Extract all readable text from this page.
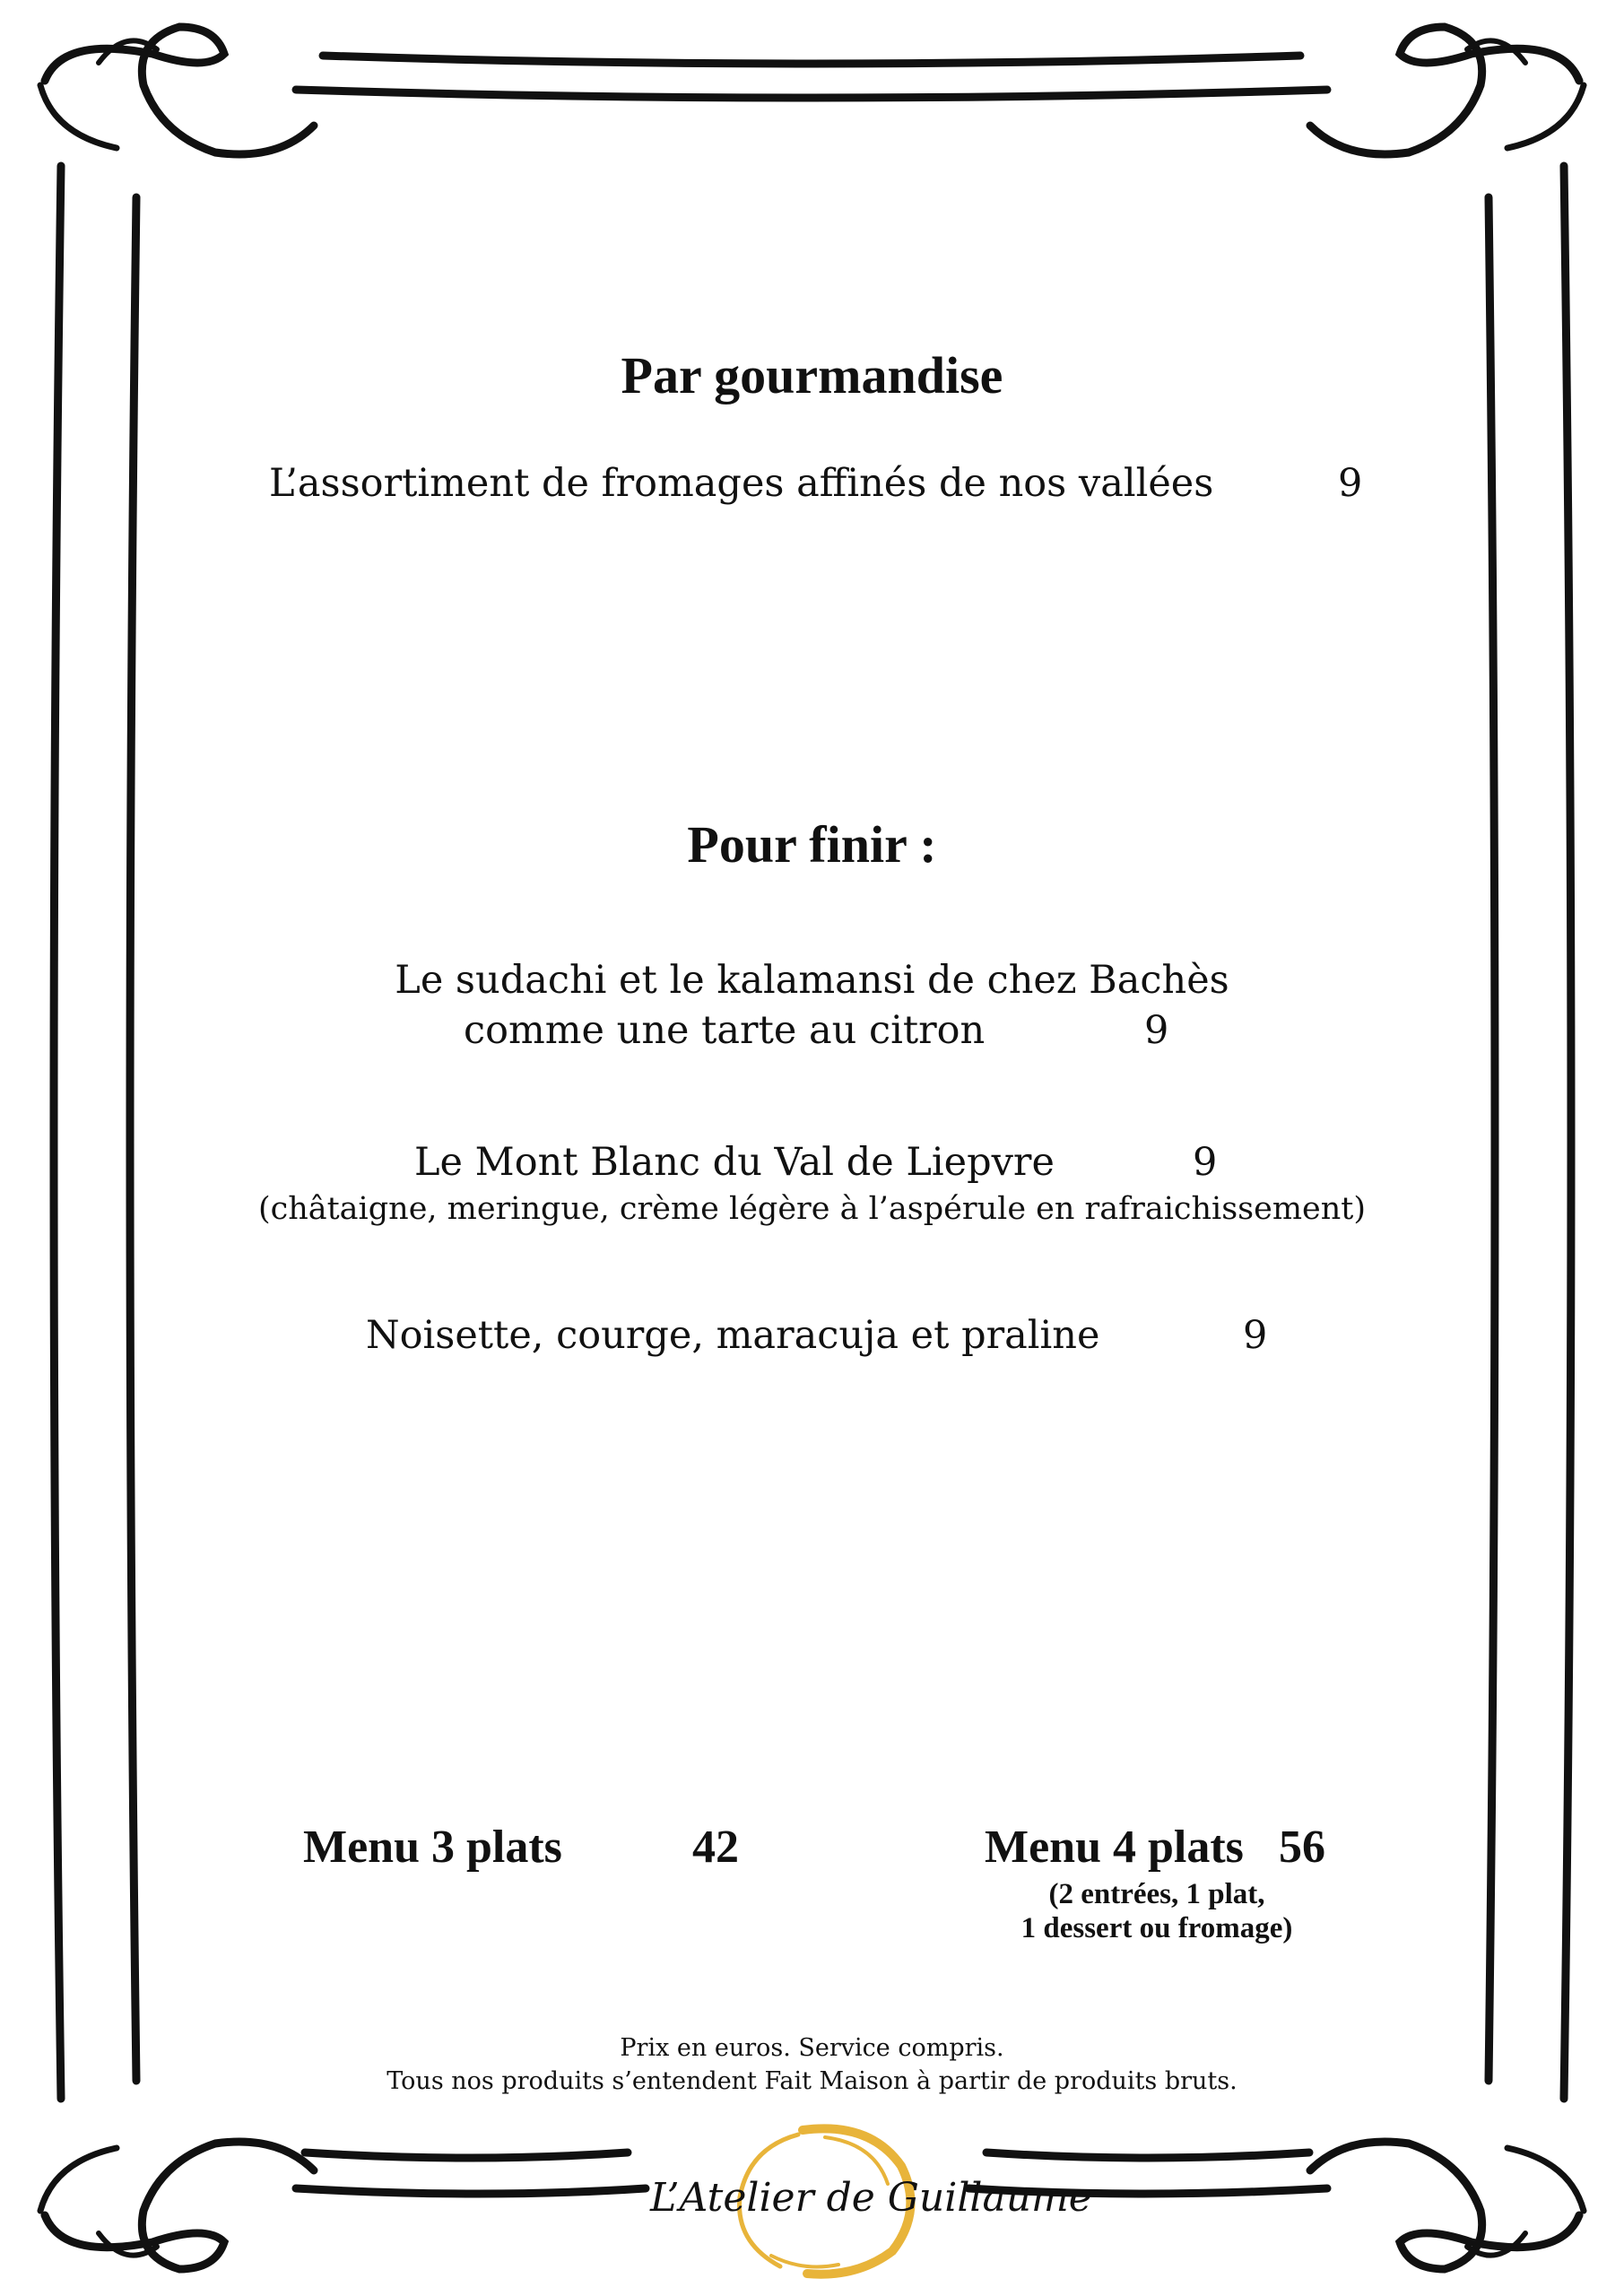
Par gourmandise
L’assortiment de fromages affinés de nos vallées	9
Pour finir :
Le sudachi et le kalamansi de chez Bachès
comme une tarte au citron	9
Le Mont Blanc du Val de Liepvre	9
(châtaigne, meringue, crème légère à l’aspérule en rafraichissement)
Noisette, courge, maracuja et praline	9
Menu 3 plats	42	Menu 4 plats 56
(2 entrées, 1 plat,
1 dessert ou fromage)
Prix en euros. Service compris.
Tous nos produits s’entendent Fait Maison à partir de produits bruts.
L’Atelier de Guillaume
